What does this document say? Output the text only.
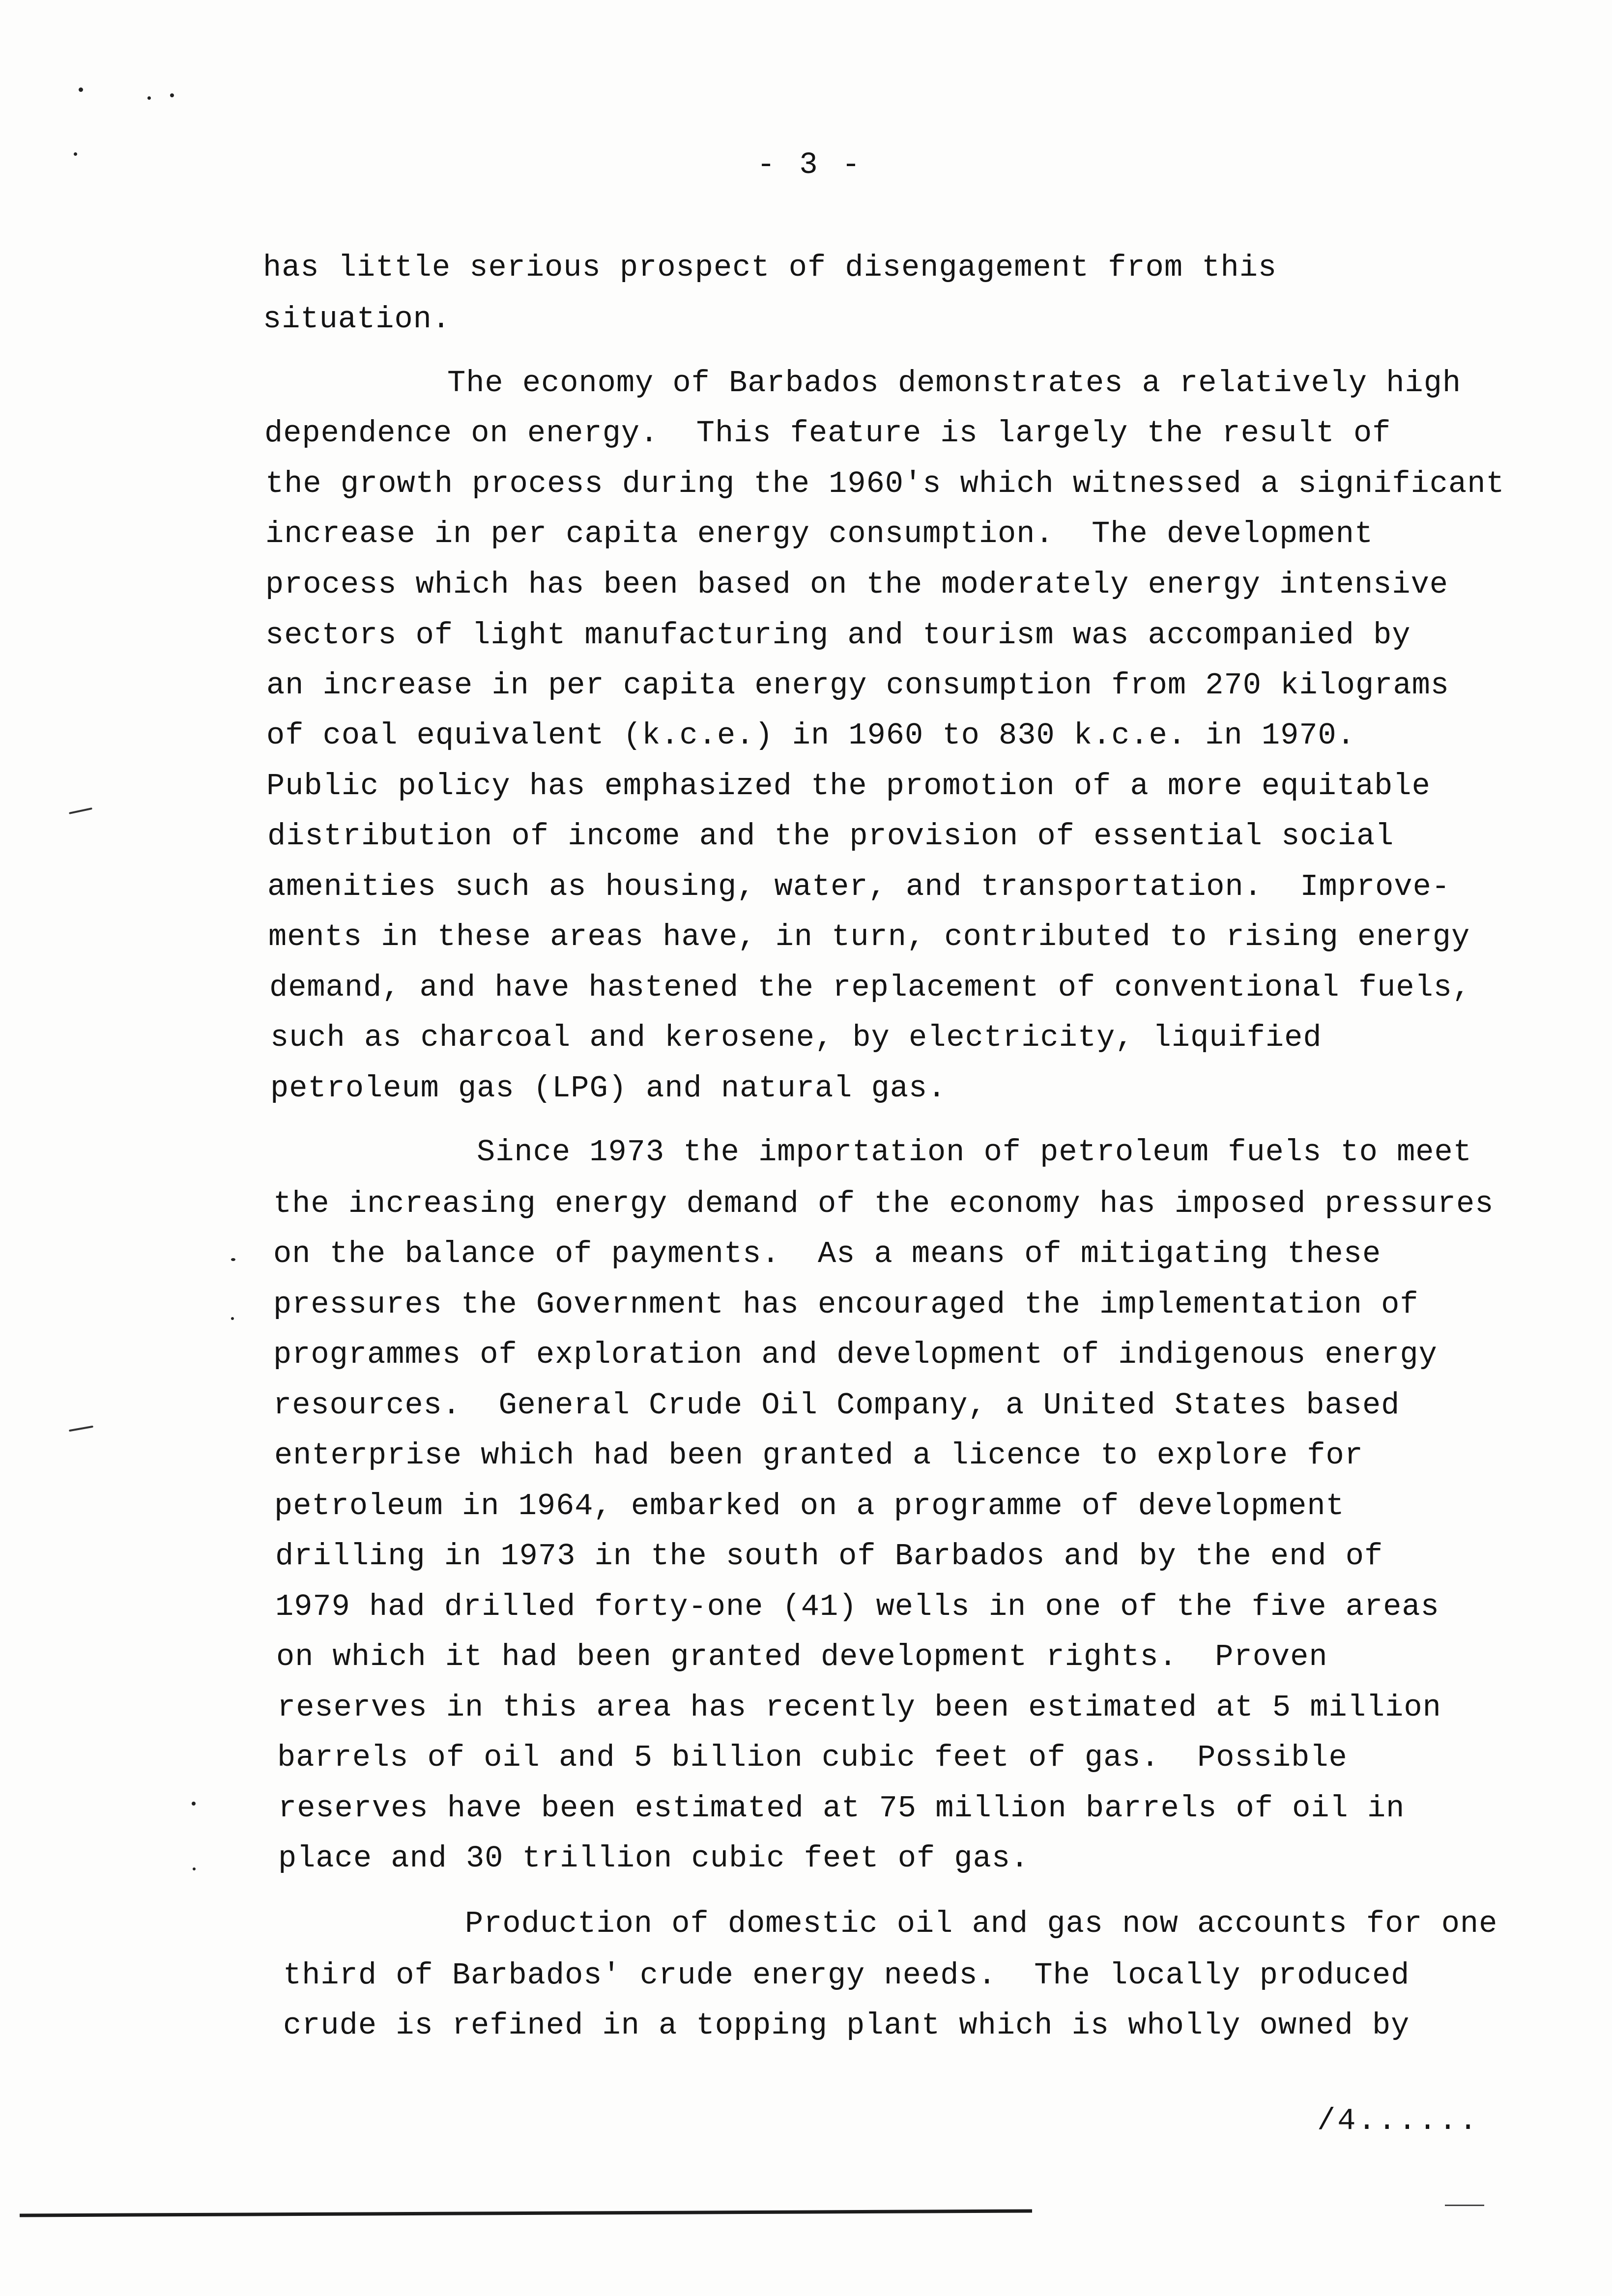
- 3 -
has little serious prospect of disengagement from this
situation.
The economy of Barbados demonstrates a relatively high
dependence on energy.  This feature is largely the result of
the growth process during the 1960's which witnessed a significant
increase in per capita energy consumption.  The development
process which has been based on the moderately energy intensive
sectors of light manufacturing and tourism was accompanied by
an increase in per capita energy consumption from 270 kilograms
of coal equivalent (k.c.e.) in 1960 to 830 k.c.e. in 1970.
Public policy has emphasized the promotion of a more equitable
distribution of income and the provision of essential social
amenities such as housing, water, and transportation.  Improve-
ments in these areas have, in turn, contributed to rising energy
demand, and have hastened the replacement of conventional fuels,
such as charcoal and kerosene, by electricity, liquified
petroleum gas (LPG) and natural gas.
Since 1973 the importation of petroleum fuels to meet
the increasing energy demand of the economy has imposed pressures
on the balance of payments.  As a means of mitigating these
pressures the Government has encouraged the implementation of
programmes of exploration and development of indigenous energy
resources.  General Crude Oil Company, a United States based
enterprise which had been granted a licence to explore for
petroleum in 1964, embarked on a programme of development
drilling in 1973 in the south of Barbados and by the end of
1979 had drilled forty-one (41) wells in one of the five areas
on which it had been granted development rights.  Proven
reserves in this area has recently been estimated at 5 million
barrels of oil and 5 billion cubic feet of gas.  Possible
reserves have been estimated at 75 million barrels of oil in
place and 30 trillion cubic feet of gas.
Production of domestic oil and gas now accounts for one
third of Barbados' crude energy needs.  The locally produced
crude is refined in a topping plant which is wholly owned by
/4......
